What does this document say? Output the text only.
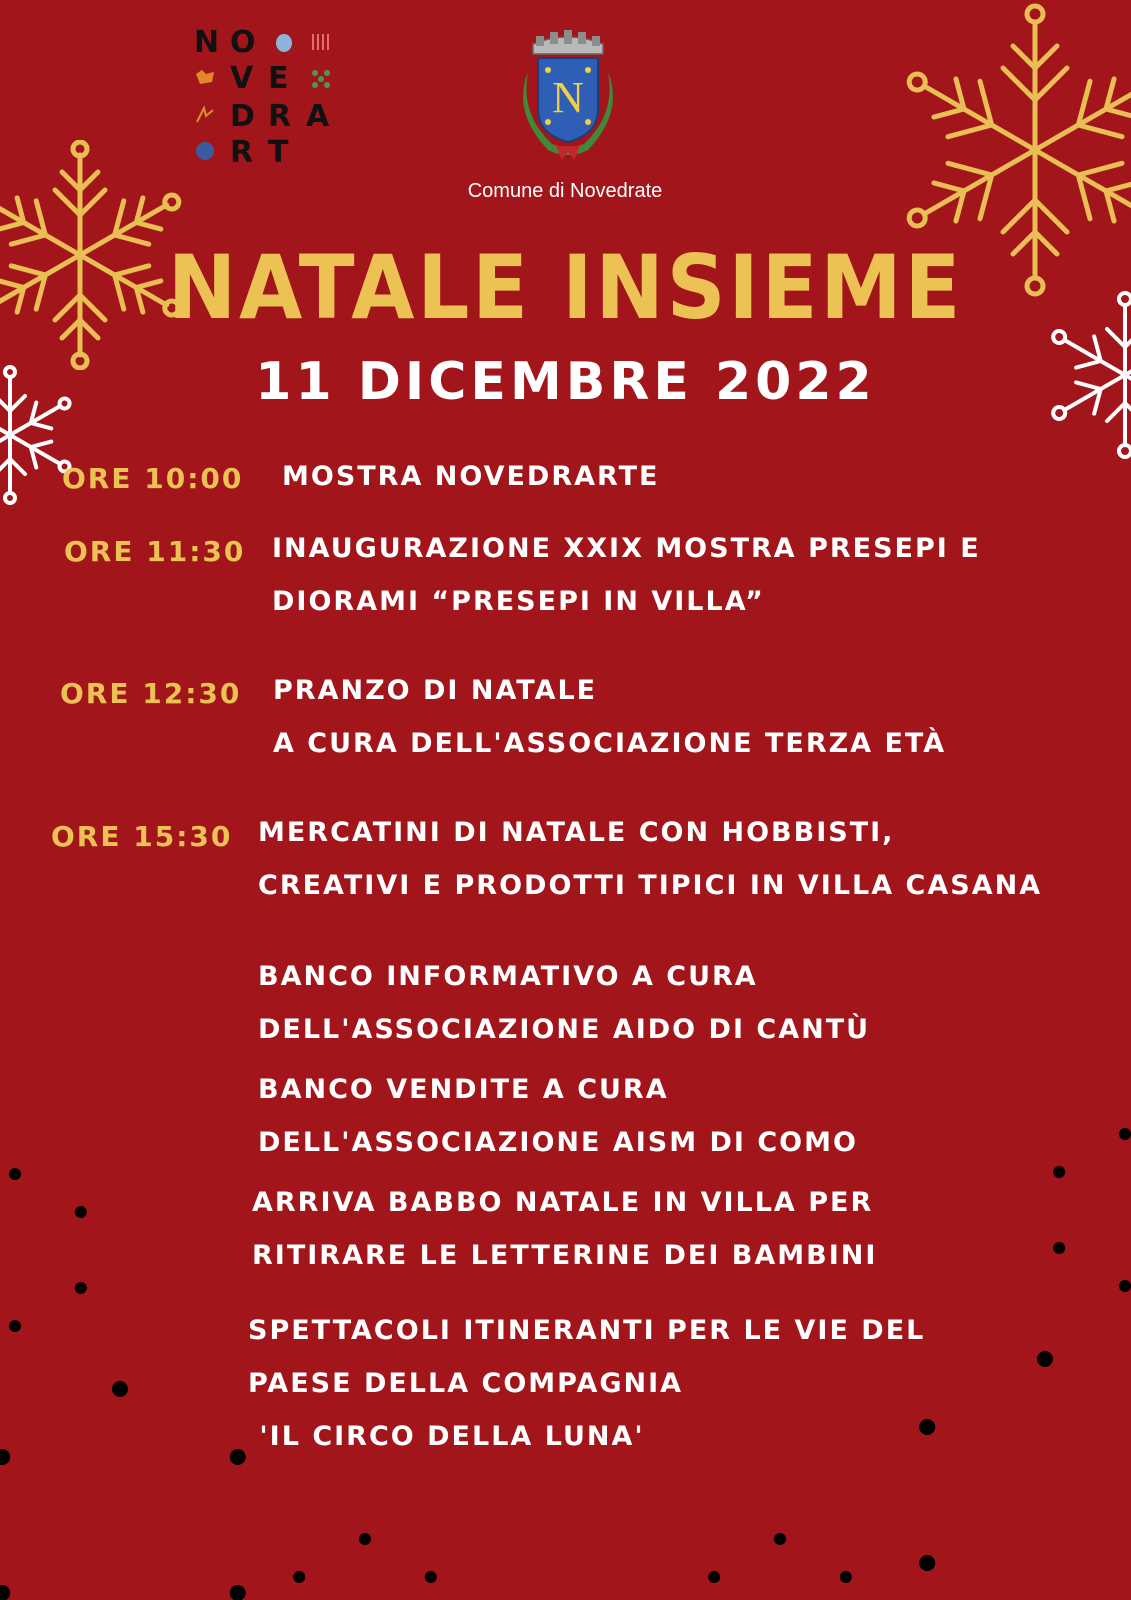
N O
V E
D R A
R T
N
Comune di Novedrate
NATALE INSIEME
11 DICEMBRE 2022
ORE 10:00 MOSTRA NOVEDRARTE
ORE 11:30 INAUGURAZIONE XXIX MOSTRA PRESEPI E
DIORAMI “PRESEPI IN VILLA”
ORE 12:30 PRANZO DI NATALE
A CURA DELL'ASSOCIAZIONE TERZA ETÀ
ORE 15:30 MERCATINI DI NATALE CON HOBBISTI,
CREATIVI E PRODOTTI TIPICI IN VILLA CASANA
BANCO INFORMATIVO A CURA
DELL'ASSOCIAZIONE AIDO DI CANTÙ
BANCO VENDITE A CURA
DELL'ASSOCIAZIONE AISM DI COMO
ARRIVA BABBO NATALE IN VILLA PER
RITIRARE LE LETTERINE DEI BAMBINI
SPETTACOLI ITINERANTI PER LE VIE DEL
PAESE DELLA COMPAGNIA
'IL CIRCO DELLA LUNA'
